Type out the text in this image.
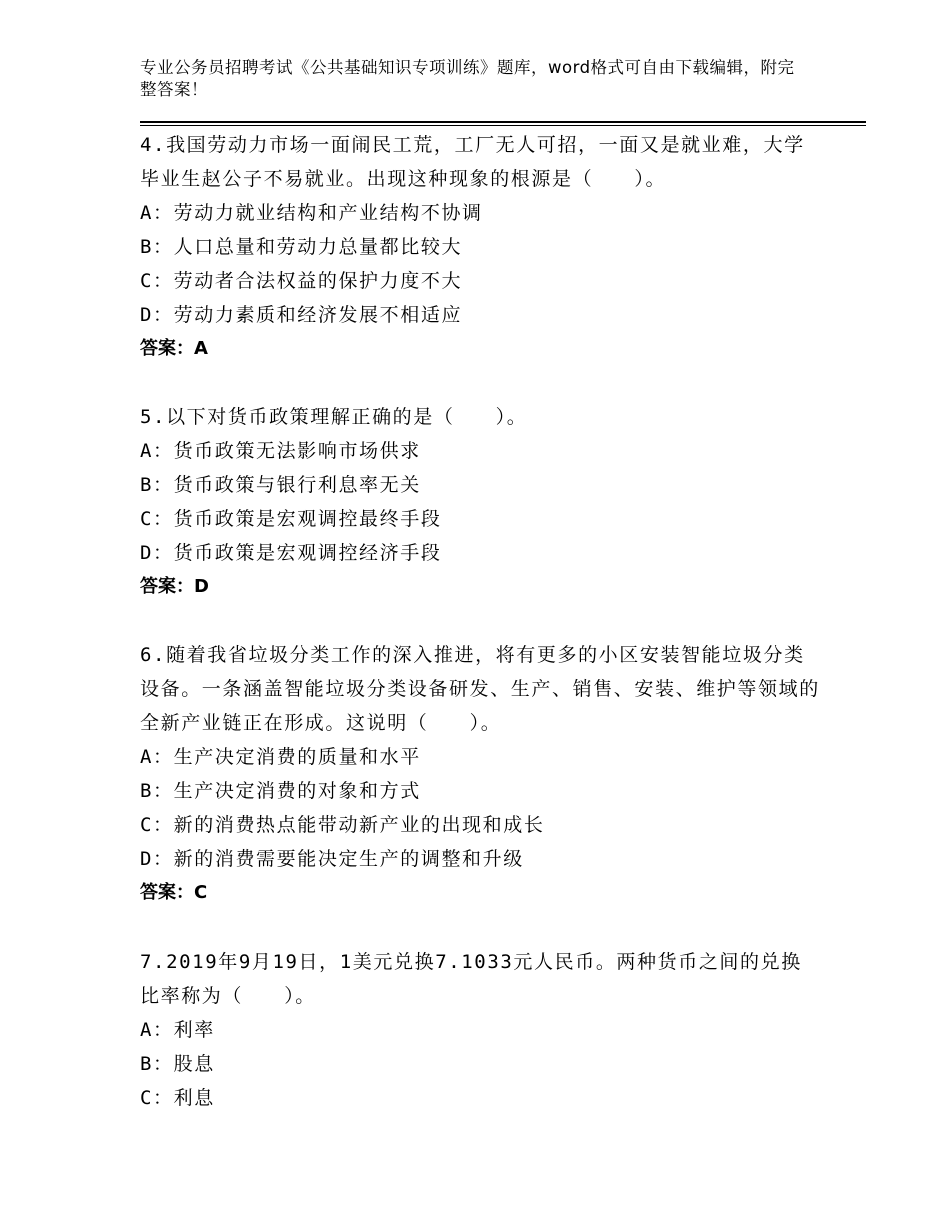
专业公务员招聘考试《公共基础知识专项训练》题库，word格式可自由下载编辑，附完整答案！

4.我国劳动力市场一面闹民工荒，工厂无人可招，一面又是就业难，大学毕业生赵公子不易就业。出现这种现象的根源是（　　）。

A：劳动力就业结构和产业结构不协调

B：人口总量和劳动力总量都比较大

C：劳动者合法权益的保护力度不大

D：劳动力素质和经济发展不相适应

答案：A

5.以下对货币政策理解正确的是（　　）。

A：货币政策无法影响市场供求

B：货币政策与银行利息率无关

C：货币政策是宏观调控最终手段

D：货币政策是宏观调控经济手段

答案：D

6.随着我省垃圾分类工作的深入推进，将有更多的小区安装智能垃圾分类设备。一条涵盖智能垃圾分类设备研发、生产、销售、安装、维护等领域的全新产业链正在形成。这说明（　　）。

A：生产决定消费的质量和水平

B：生产决定消费的对象和方式

C：新的消费热点能带动新产业的出现和成长

D：新的消费需要能决定生产的调整和升级

答案：C

7.2019年9月19日，1美元兑换7.1033元人民币。两种货币之间的兑换比率称为（　　）。

A：利率

B：股息

C：利息
